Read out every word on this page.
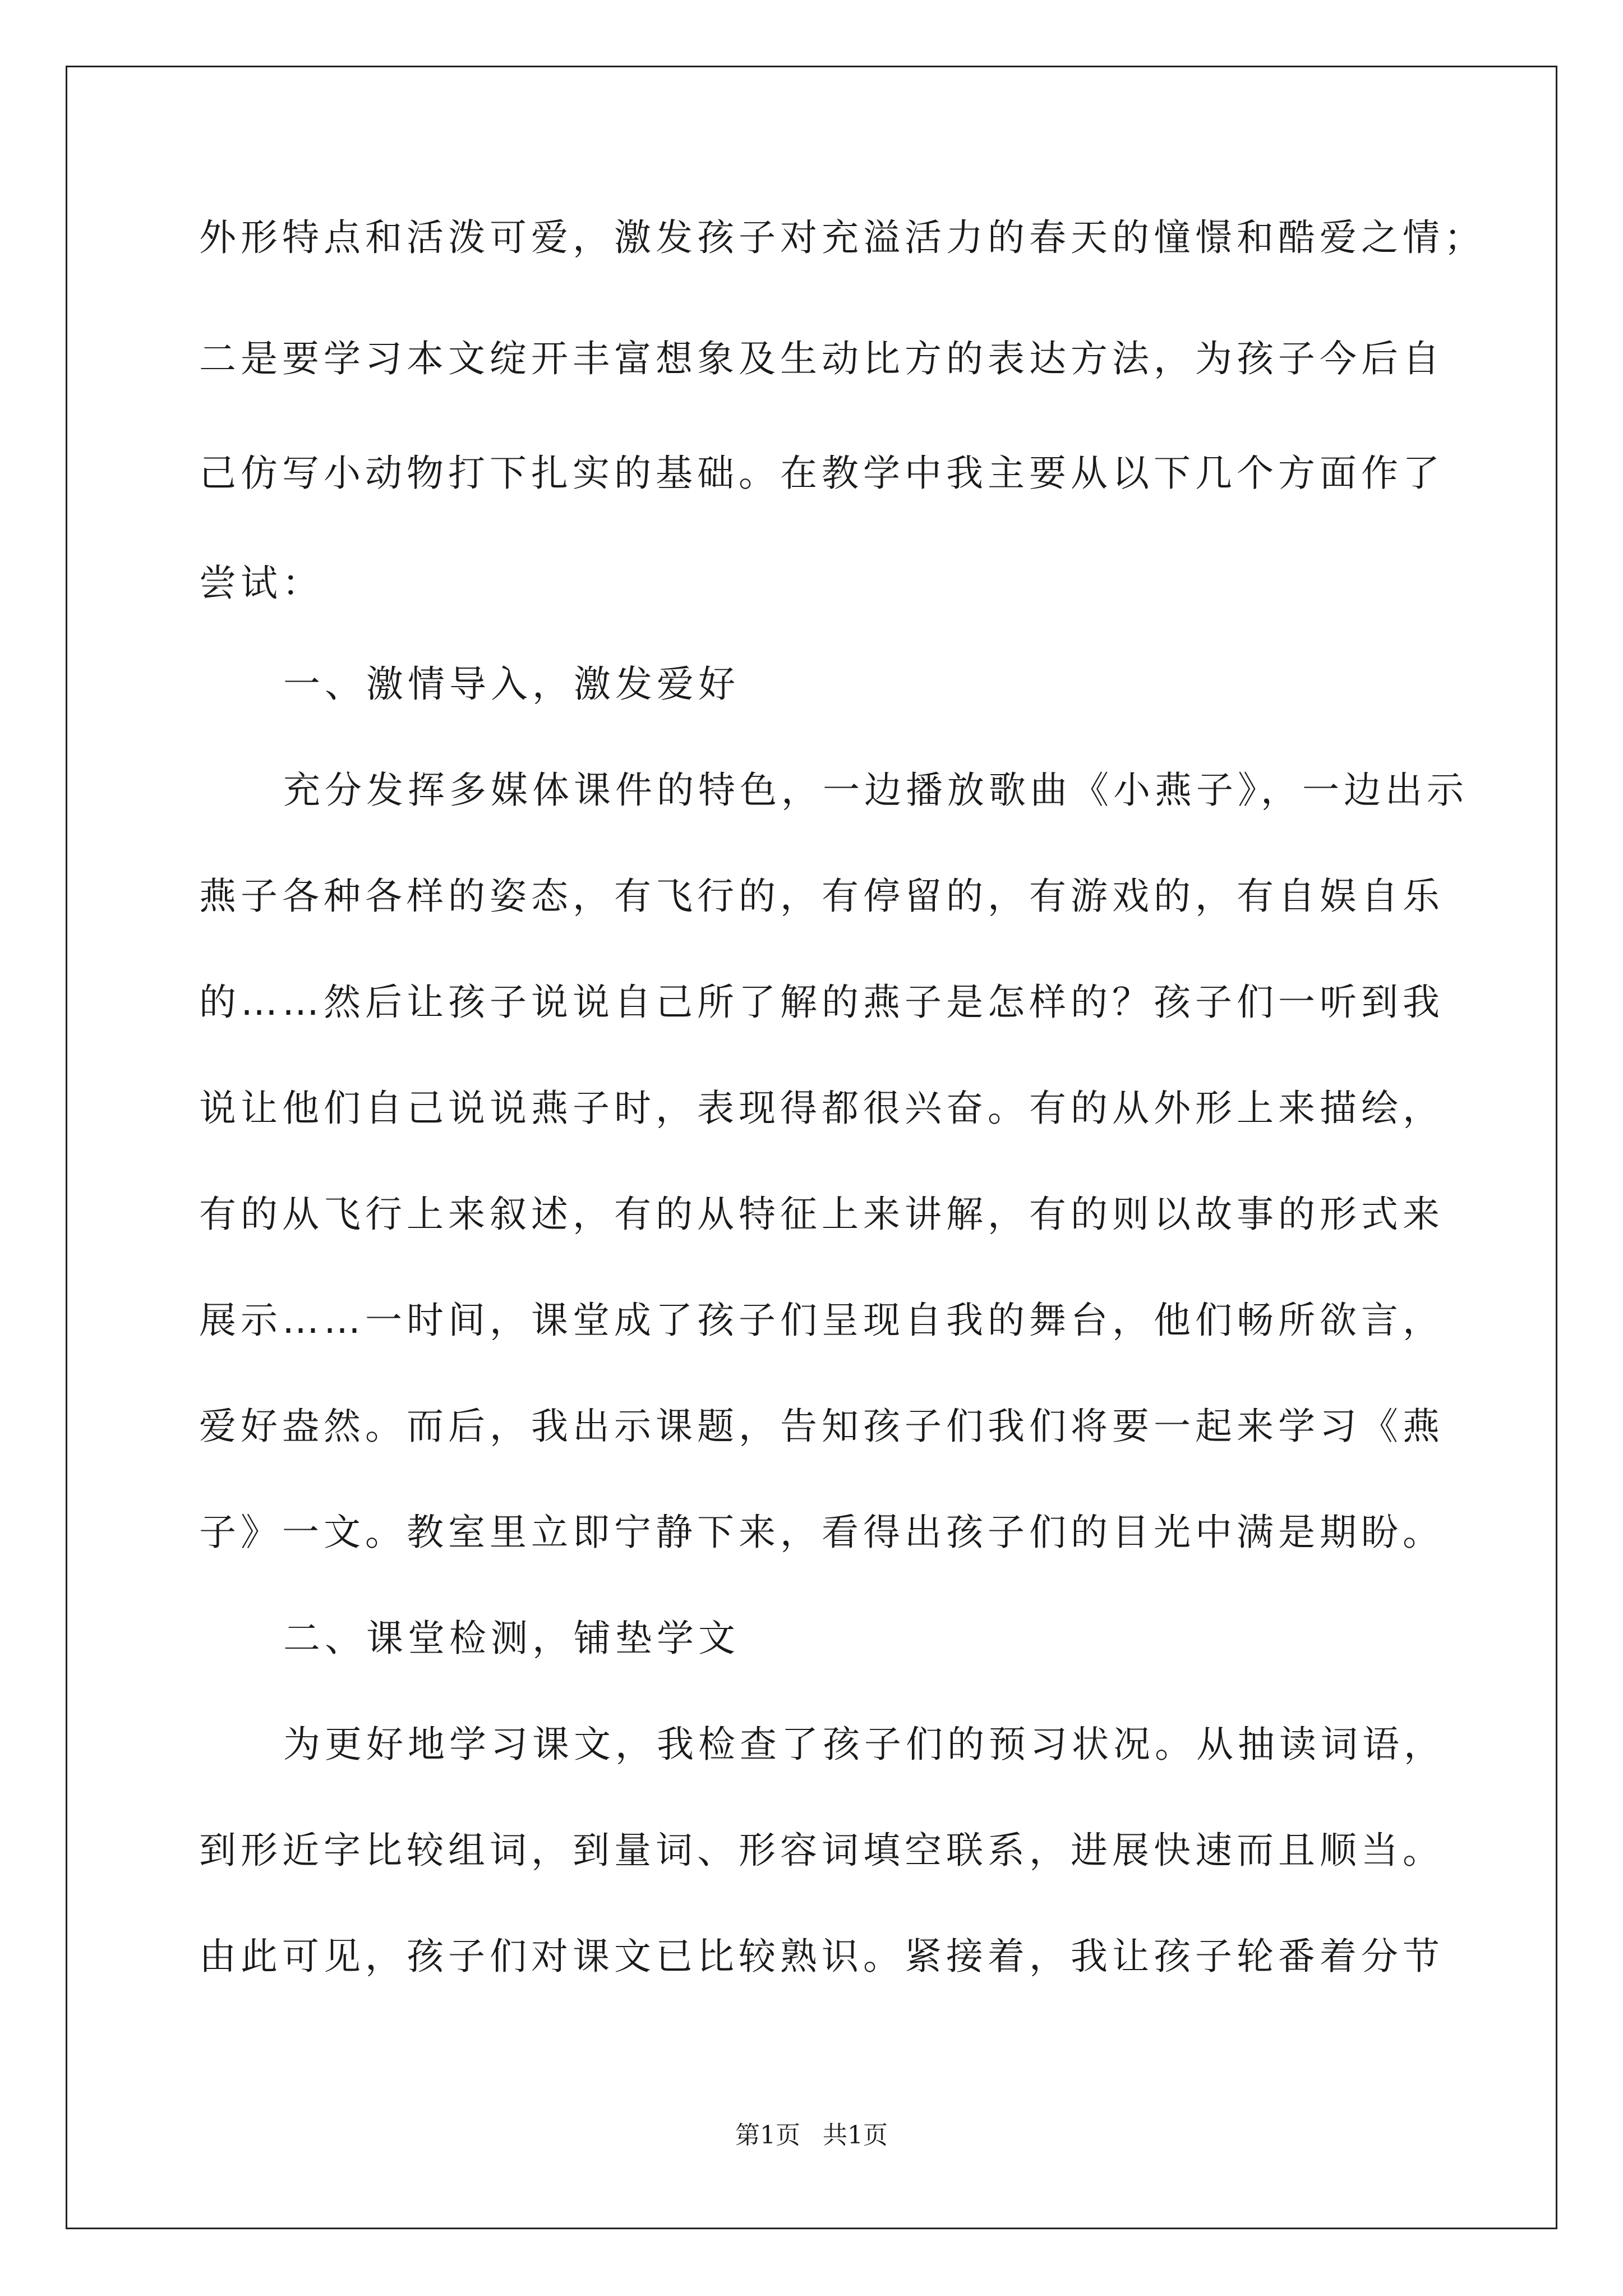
外形特点和活泼可爱，激发孩子对充溢活力的春天的憧憬和酷爱之情；
二是要学习本文绽开丰富想象及生动比方的表达方法，为孩子今后自
己仿写小动物打下扎实的基础。在教学中我主要从以下几个方面作了
尝试：
一、激情导入，激发爱好
充分发挥多媒体课件的特色，一边播放歌曲《小燕子》，一边出示
燕子各种各样的姿态，有飞行的，有停留的，有游戏的，有自娱自乐
的……然后让孩子说说自己所了解的燕子是怎样的？孩子们一听到我
说让他们自己说说燕子时，表现得都很兴奋。有的从外形上来描绘，
有的从飞行上来叙述，有的从特征上来讲解，有的则以故事的形式来
展示……一时间，课堂成了孩子们呈现自我的舞台，他们畅所欲言，
爱好盎然。而后，我出示课题，告知孩子们我们将要一起来学习《燕
子》一文。教室里立即宁静下来，看得出孩子们的目光中满是期盼。
二、课堂检测，铺垫学文
为更好地学习课文，我检查了孩子们的预习状况。从抽读词语，
到形近字比较组词，到量词、形容词填空联系，进展快速而且顺当。
由此可见，孩子们对课文已比较熟识。紧接着，我让孩子轮番着分节
第1页 共1页
